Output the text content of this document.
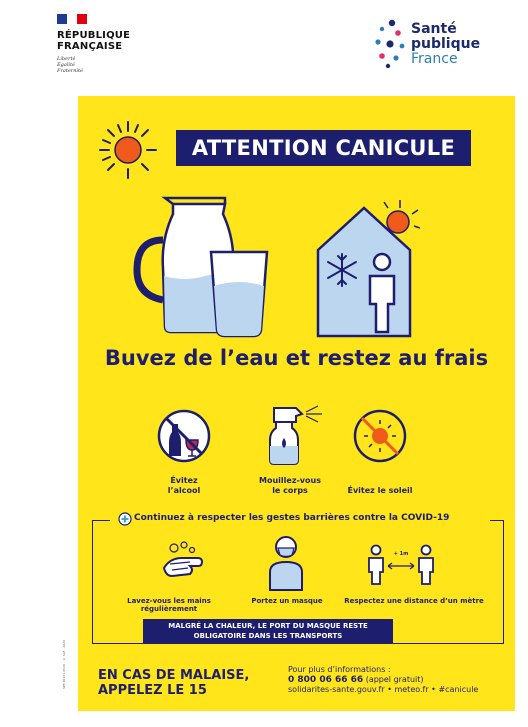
RÉPUBLIQUE
FRANÇAISE
Liberté
Égalité
Fraternité
Santé
publique
France
ATTENTION CANICULE
Buvez de l’eau et restez au frais
Évitez
l’alcool
Mouillez-vous
le corps	Évitez le soleil
Continuez à respecter les gestes barrières contre la COVID-19
+ 1m
Lavez-vous les mains régulièrement
Portez un masque	Respectez une distance d’un mètre
MALGRÉ LA CHALEUR, LE PORT DU MASQUE RESTE
OBLIGATOIRE DANS LES TRANSPORTS
EN CAS DE MALAISE,
APPELEZ LE 15
Pour plus d’informations :
0 800 06 66 66 (appel gratuit)
solidarites-sante.gouv.fr • meteo.fr • #canicule
SPF-00101-0520 - © SpF - 2020
